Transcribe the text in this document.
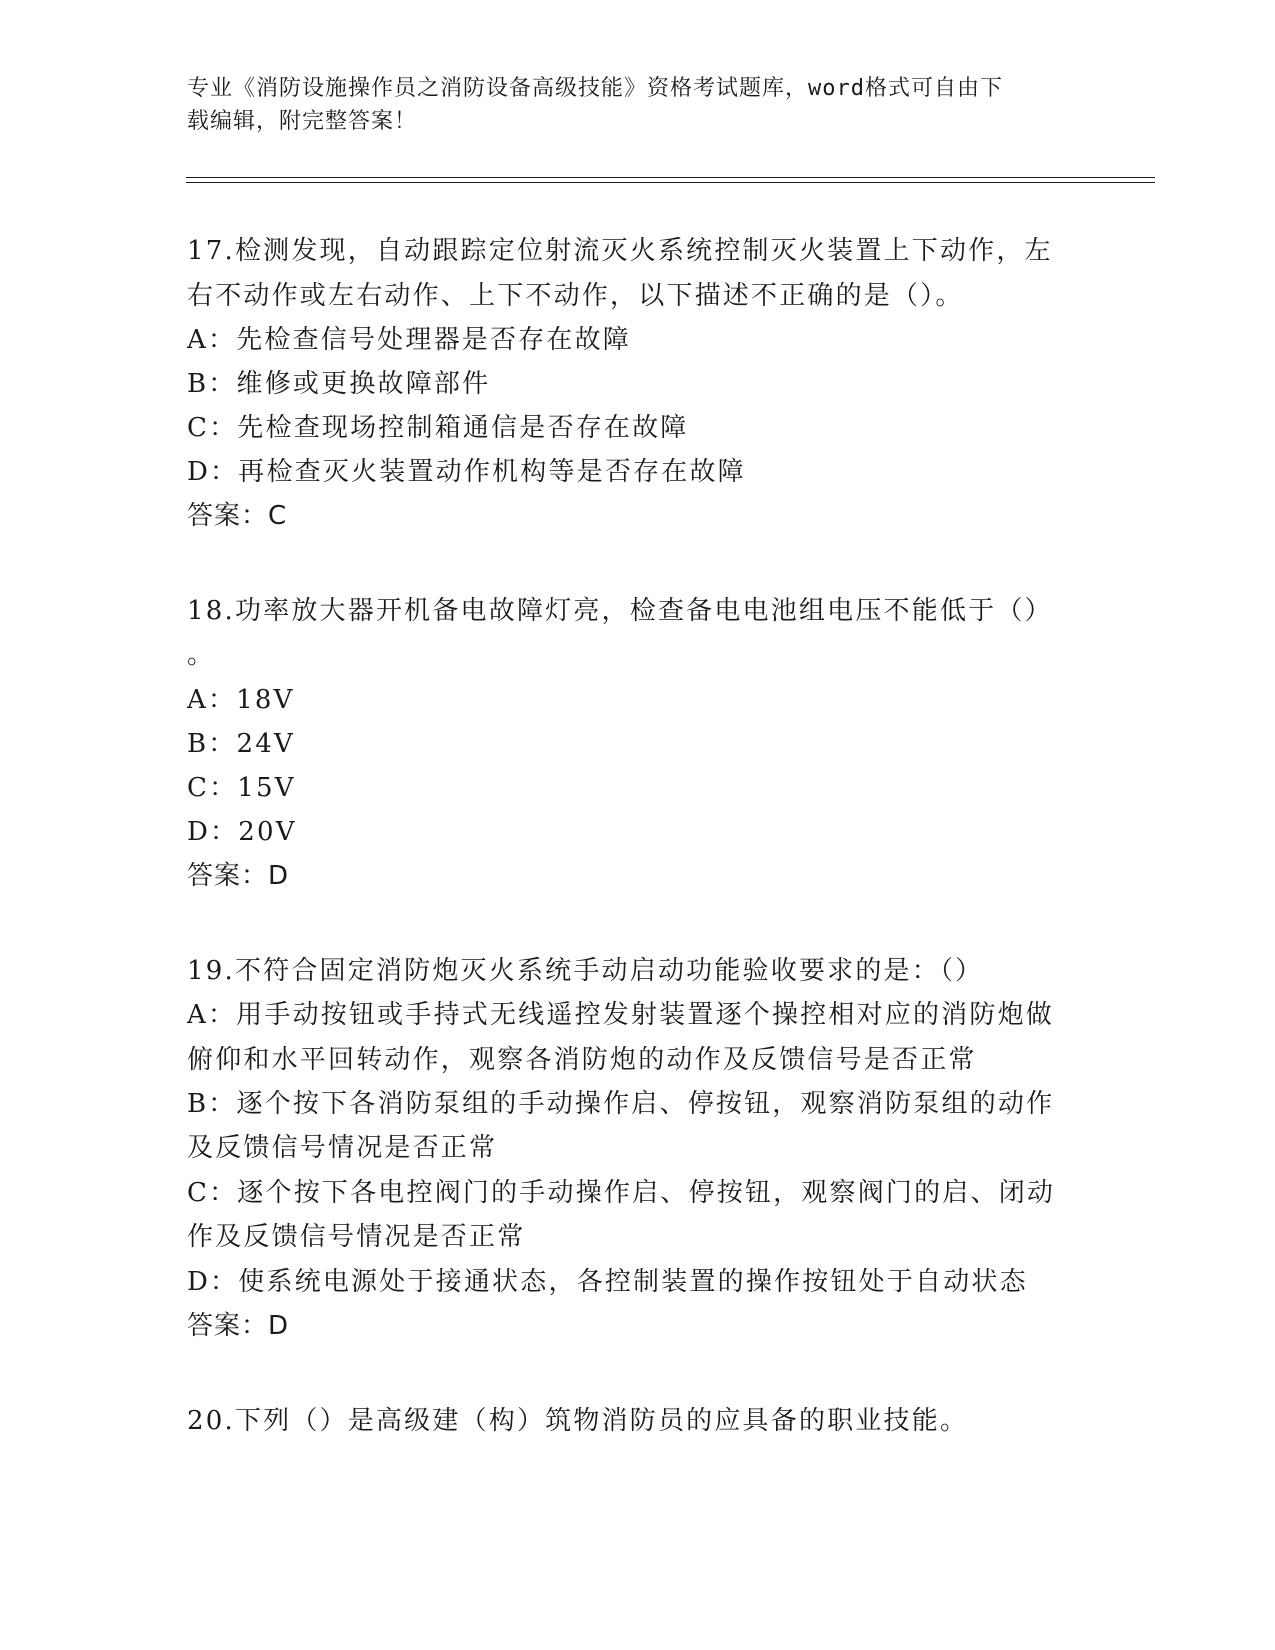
专业《消防设施操作员之消防设备高级技能》资格考试题库，word格式可自由下
载编辑，附完整答案！
17.检测发现，自动跟踪定位射流灭火系统控制灭火装置上下动作，左
右不动作或左右动作、上下不动作，以下描述不正确的是（）。
A：先检查信号处理器是否存在故障
B：维修或更换故障部件
C：先检查现场控制箱通信是否存在故障
D：再检查灭火装置动作机构等是否存在故障
答案：C
18.功率放大器开机备电故障灯亮，检查备电电池组电压不能低于（）
。
A：18V
B：24V
C：15V
D：20V
答案：D
19.不符合固定消防炮灭火系统手动启动功能验收要求的是：（）
A：用手动按钮或手持式无线遥控发射装置逐个操控相对应的消防炮做
俯仰和水平回转动作，观察各消防炮的动作及反馈信号是否正常
B：逐个按下各消防泵组的手动操作启、停按钮，观察消防泵组的动作
及反馈信号情况是否正常
C：逐个按下各电控阀门的手动操作启、停按钮，观察阀门的启、闭动
作及反馈信号情况是否正常
D：使系统电源处于接通状态，各控制装置的操作按钮处于自动状态
答案：D
20.下列（）是高级建（构）筑物消防员的应具备的职业技能。
